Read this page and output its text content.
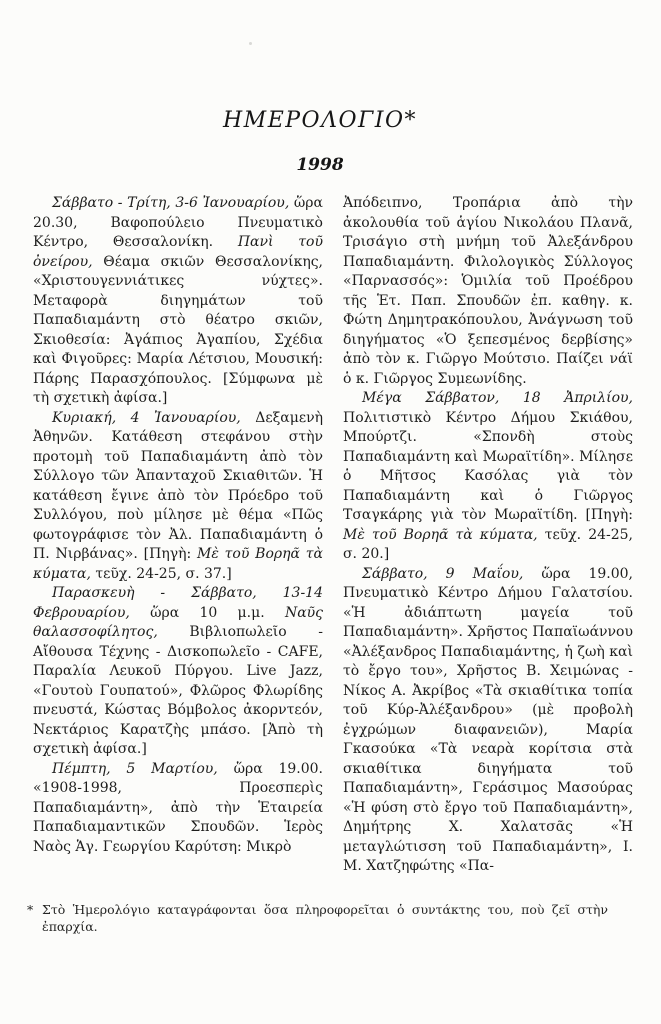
ΗΜΕΡΟΛΟΓΙΟ*
1998

Σάββατο - Τρίτη, 3-6 Ἰανουαρίου, ὥρα 20.30, Βαφοπούλειο Πνευματικὸ Κέντρο, Θεσσαλονίκη. Πανὶ τοῦ ὀνείρου, Θέαμα σκιῶν Θεσσαλονίκης, «Χριστουγεννιάτικες νύχτες». Μεταφορὰ διηγημάτων τοῦ Παπαδιαμάντη στὸ θέατρο σκιῶν, Σκιοθεσία: Ἀγάπιος Ἀγαπίου, Σχέδια καὶ Φιγοῦρες: Μαρία Λέτσιου, Μουσική: Πάρης Παρασχόπουλος. [Σύμφωνα μὲ τὴ σχετικὴ ἀφίσα.]

Κυριακή, 4 Ἰανουαρίου, Δεξαμενὴ Ἀθηνῶν. Κατάθεση στεφάνου στὴν προτομὴ τοῦ Παπαδιαμάντη ἀπὸ τὸν Σύλλογο τῶν Ἀπανταχοῦ Σκιαθιτῶν. Ἡ κατάθεση ἔγινε ἀπὸ τὸν Πρόεδρο τοῦ Συλλόγου, ποὺ μίλησε μὲ θέμα «Πῶς φωτογράφισε τὸν Ἀλ. Παπαδιαμάντη ὁ Π. Νιρβάνας». [Πηγὴ: Μὲ τοῦ Βορηᾶ τὰ κύματα, τεῦχ. 24-25, σ. 37.]

Παρασκευὴ - Σάββατο, 13-14 Φεβρουαρίου, ὥρα 10 μ.μ. Ναῦς θαλασσοφίλητος, Βιβλιοπωλεῖο - Αἴθουσα Τέχνης - Δισκοπωλεῖο - CAFE, Παραλία Λευκοῦ Πύργου. Live Jazz, «Γουτοὺ Γουπατού», Φλῶρος Φλωρίδης πνευστά, Κώστας Βόμβολος ἀκορντεόν, Νεκτάριος Καρατζὴς μπάσο. [Ἀπὸ τὴ σχετικὴ ἀφίσα.]

Πέμπτη, 5 Μαρτίου, ὥρα 19.00. «1908-1998, Προεσπερὶς Παπαδιαμάντη», ἀπὸ τὴν Ἑταιρεία Παπαδιαμαντικῶν Σπουδῶν. Ἱερὸς Ναὸς Ἁγ. Γεωργίου Καρύτση: Μικρὸ

Ἀπόδειπνο, Τροπάρια ἀπὸ τὴν ἀκολουθία τοῦ ἁγίου Νικολάου Πλανᾶ, Τρισάγιο στὴ μνήμη τοῦ Ἀλεξάνδρου Παπαδιαμάντη. Φιλολογικὸς Σύλλογος «Παρνασσός»: Ὁμιλία τοῦ Προέδρου τῆς Ἑτ. Παπ. Σπουδῶν ἐπ. καθηγ. κ. Φώτη Δημητρακόπουλου, Ἀνάγνωση τοῦ διηγήματος «Ὁ ξεπεσμένος δερβίσης» ἀπὸ τὸν κ. Γιῶργο Μούτσιο. Παίζει νάϊ ὁ κ. Γιῶργος Συμεωνίδης.

Μέγα Σάββατον, 18 Ἀπριλίου, Πολιτιστικὸ Κέντρο Δήμου Σκιάθου, Μπούρτζι. «Σπονδὴ στοὺς Παπαδιαμάντη καὶ Μωραϊτίδη». Μίλησε ὁ Μῆτσος Κασόλας γιὰ τὸν Παπαδιαμάντη καὶ ὁ Γιῶργος Τσαγκάρης γιὰ τὸν Μωραϊτίδη. [Πηγὴ: Μὲ τοῦ Βορηᾶ τὰ κύματα, τεῦχ. 24-25, σ. 20.]

Σάββατο, 9 Μαΐου, ὥρα 19.00, Πνευματικὸ Κέντρο Δήμου Γαλατσίου. «Ἡ ἀδιάπτωτη μαγεία τοῦ Παπαδιαμάντη». Χρῆστος Παπαϊωάννου «Ἀλέξανδρος Παπαδιαμάντης, ἡ ζωὴ καὶ τὸ ἔργο του», Χρῆστος Β. Χειμώνας - Νίκος Α. Ἀκρίβος «Τὰ σκιαθίτικα τοπία τοῦ Κύρ-Ἀλέξανδρου» (μὲ προβολὴ ἐγχρώμων διαφανειῶν), Μαρία Γκασούκα «Τὰ νεαρὰ κορίτσια στὰ σκιαθίτικα διηγήματα τοῦ Παπαδιαμάντη», Γεράσιμος Μασούρας «Ἡ φύση στὸ ἔργο τοῦ Παπαδιαμάντη», Δημήτρης Χ. Χαλατσᾶς «Ἡ μεταγλώτισση τοῦ Παπαδιαμάντη», Ι. Μ. Χατζηφώτης «Πα-

* Στὸ Ἡμερολόγιο καταγράφονται ὅσα πληροφορεῖται ὁ συντάκτης του, ποὺ ζεῖ στὴν ἐπαρχία.
